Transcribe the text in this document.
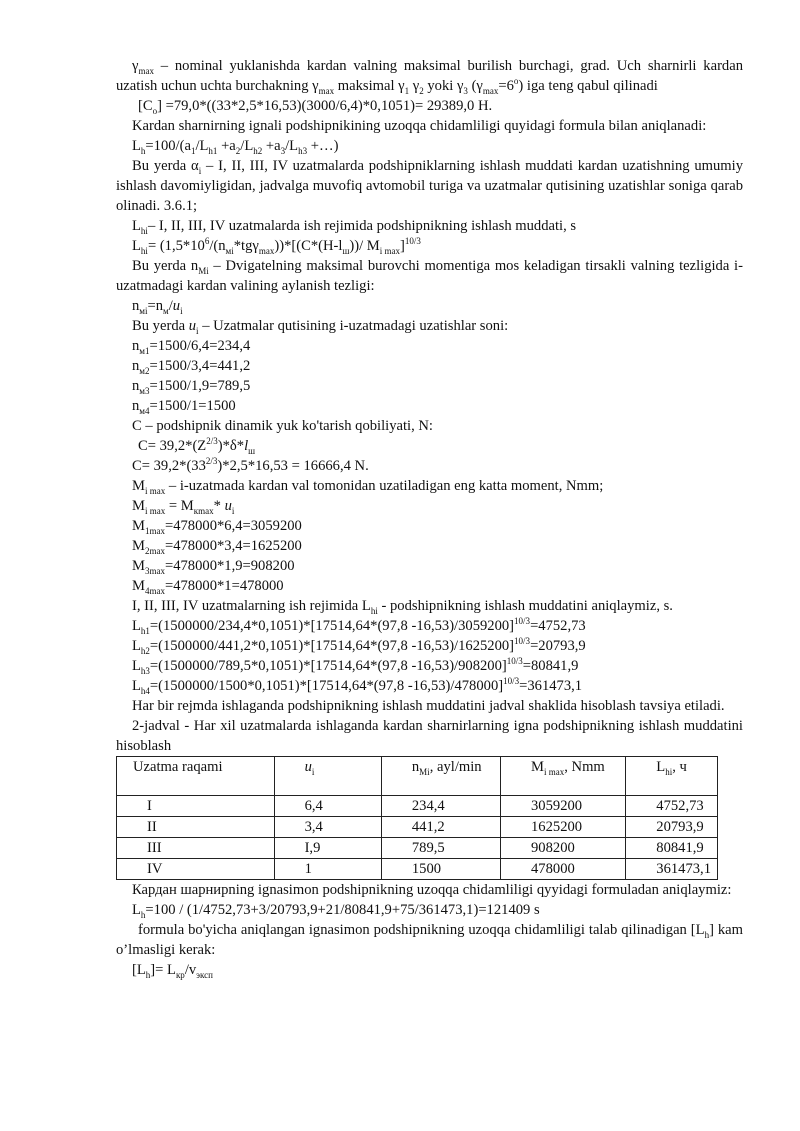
$\gamma_{max}$ – nominal yuklanishda kardan valning maksimal burilish burchagi, grad. Uch sharnirli kardan uzatish uchun uchta burchakning $\gamma_{max}$ maksimal $\gamma_1$ $\gamma_2$ yoki $\gamma_3$ $(\gamma_{max}=6^o)$ iga teng qabul qilinadi

$[C_o] =79,0*((33*2,5*16,53)(3000/6,4)*0,1051)= 29389,0$ H.

Kardan sharnirning ignali podshipnikining uzoqqa chidamliligi quyidagi formula bilan aniqlanadi:

$L_h=100/(a_1/L_{h1} +a_2/L_{h2} +a_3/L_{h3}$ +…)

Bu yerda $\alpha_i$ – I, II, III, IV uzatmalarda podshipniklarning ishlash muddati kardan uzatishning umumiy ishlash davomiyligidan, jadvalga muvofiq avtomobil turiga va uzatmalar qutisining uzatishlar soniga qarab olinadi. 3.6.1;

$L_{hi}-$ I, II, III, IV uzatmalarda ish rejimida podshipnikning ishlash muddati, s

$L_{hi}= (1,5*10^6/(n_{мi}*tg\gamma_{max}))*[(C*(H-l_ш))/$ $M_{i max}]^{10/3}$

Bu yerda $n_{Mi}$ – Dvigatelning maksimal burovchi momentiga mos keladigan tirsakli valning tezligida i-uzatmadagi kardan valining aylanish tezligi:

$n_{мi}=n_м/u_i$

Bu yerda $u_i$ – Uzatmalar qutisining i-uzatmadagi uzatishlar soni:

$n_{м1}=1500/6,4=234,4$

$n_{м2}=1500/3,4=441,2$

$n_{м3}=1500/1,9=789,5$

$n_{м4}=1500/1=1500$

C – podshipnik dinamik yuk ko'tarish qobiliyati, N:

$C= 39,2*(Z^{2/3})*\delta*l_ш$

$C= 39,2*(33^{2/3})*2,5*16,53 = 16666,4$ N.

$M_{i max}$ – i-uzatmada kardan val tomonidan uzatiladigan eng katta moment, Nmm;

$M_{i max} = M_{кmax}*$ $u_i$

$M_{1max}=478000*6,4=3059200$

$M_{2max}=478000*3,4=1625200$

$M_{3max}=478000*1,9=908200$

$M_{4max}=478000*1=478000$

I, II, III, IV uzatmalarning ish rejimida $L_{hi}$ - podshipnikning ishlash muddatini aniqlaymiz, s.

$L_{h1}=(1500000/234,4*0,1051)*[17514,64*(97,8$ -16,53)/3059200]$^{10/3}$=4752,73

$L_{h2}=(1500000/441,2*0,1051)*[17514,64*(97,8$ -16,53)/1625200]$^{10/3}$=20793,9

$L_{h3}=(1500000/789,5*0,1051)*[17514,64*(97,8$ -16,53)/908200]$^{10/3}$=80841,9

$L_{h4}=(1500000/1500*0,1051)*[17514,64*(97,8$ -16,53)/478000]$^{10/3}$=361473,1

Har bir rejmda ishlaganda podshipnikning ishlash muddatini jadval shaklida hisoblash tavsiya etiladi.

2-jadval - Har xil uzatmalarda ishlaganda kardan sharnirlarning igna podshipnikning ishlash muddatini hisoblash

Uzatma raqami	$u_i$	$n_{Mi}$, ayl/min	$M_{i max}$, Nmm	$L_{hi}$, ч
I	6,4	234,4	3059200	4752,73
II	3,4	441,2	1625200	20793,9
III	I,9	789,5	908200	80841,9
IV	1	1500	478000	361473,1

Кардан шарнирning ignasimon podshipnikning uzoqqa chidamliligi qyyidagi formuladan aniqlaymiz:

$L_h=100 / (1/4752,73+3/20793,9+21/80841,9+75/361473,1)=121409$ s

formula bo'yicha aniqlangan ignasimon podshipnikning uzoqqa chidamliligi talab qilinadigan $[L_h]$ kam o’lmasligi kerak:

$[L_h]= L_{кр}/v_{эксп}$
